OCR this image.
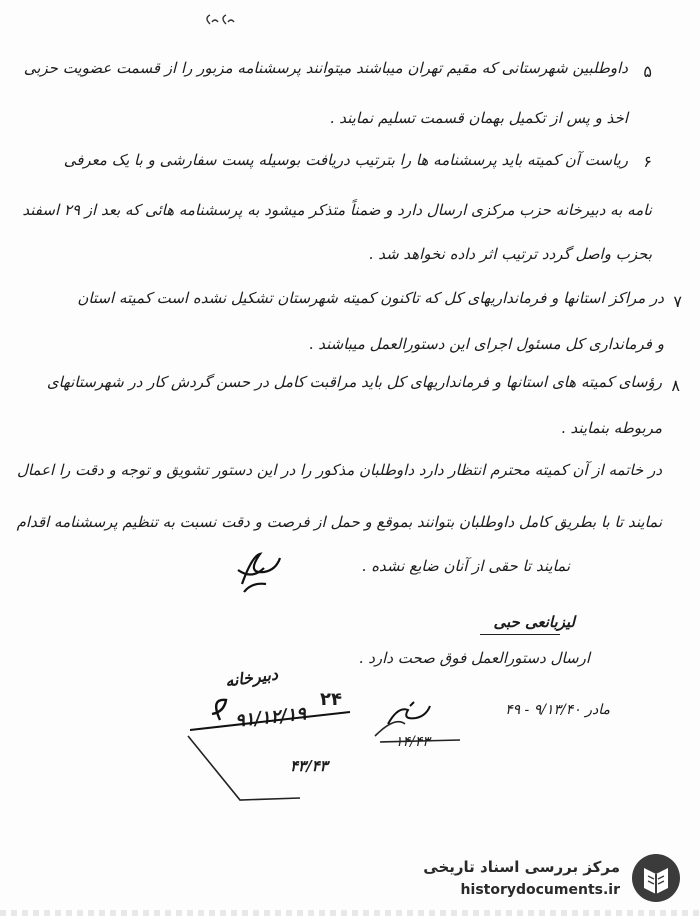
۵
داوطلبین شهرستانی که مقیم تهران میباشند میتوانند پرسشنامه مزبور را از قسمت عضویت حزبی
اخذ و پس از تکمیل بهمان قسمت تسلیم نمایند .
۶
ریاست آن کمیته باید پرسشنامه ها را بترتیب دریافت بوسیله پست سفارشی و با یک معرفی
نامه به دبیرخانه حزب مرکزی ارسال دارد و ضمناً متذکر میشود به پرسشنامه هائی که بعد از ۲۹ اسفند
بحزب واصل گردد ترتیب اثر داده نخواهد شد .
۷
در مراکز استانها و فرمانداریهای کل که تاکنون کمیته شهرستان تشکیل نشده است کمیته استان
و فرمانداری کل مسئول اجرای این دستورالعمل میباشند .
۸
رؤسای کمیته های استانها و فرمانداریهای کل باید مراقبت کامل در حسن گردش کار در شهرستانهای
مربوطه بنمایند .
در خاتمه از آن کمیته محترم انتظار دارد داوطلبان مذکور را در این دستور تشویق و توجه و دقت را اعمال
نمایند تا با بطریق کامل داوطلبان بتوانند بموقع و حمل از فرصت و دقت نسبت به تنظیم پرسشنامه اقدام
نمایند تا حقی از آنان ضایع نشده .
لیزبانعی حبی
ارسال دستورالعمل فوق صحت دارد .
مادر ۹/۱۳/۴۰ - ۴۹
دبیرخانه
۲۴
۹۱/۱۲/۱۹
۴۳/۴۳
۱۴/۴۳
مرکز بررسی اسناد تاریخی
historydocuments.ir
